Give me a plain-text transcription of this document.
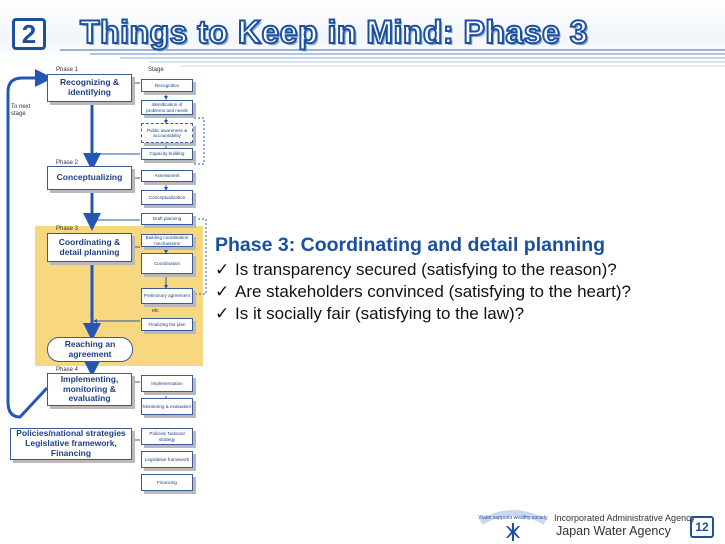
2	Things to Keep in Mind: Phase 3
Phase 1
Phase 2
Phase 3
Phase 4
Stage
To next stage
Recognizing & identifying
Conceptualizing
Coordinating & detail planning
Reaching an agreement
Implementing, monitoring & evaluating
Policies/national strategies Legislative framework, Financing
Recognition
Identification of problems and needs
Public awareness & accountability
Capacity building
Assessment
Conceptualization
Draft planning
Building coordination mechanisms
Coordination
Preliminary agreement
etc
Finalizing the plan
Implementation
Monitoring & evaluation
Policies/ National strategy
Legislative framework
Financing
Phase 3: Coordinating and detail planning
✓ Is transparency secured (satisfying to the reason)?
✓ Are stakeholders convinced (satisfying to the heart)?
✓ Is it socially fair (satisfying to the law)?
Water supports wealthy society Incorporated Administrative Agency
Japan Water Agency	12
